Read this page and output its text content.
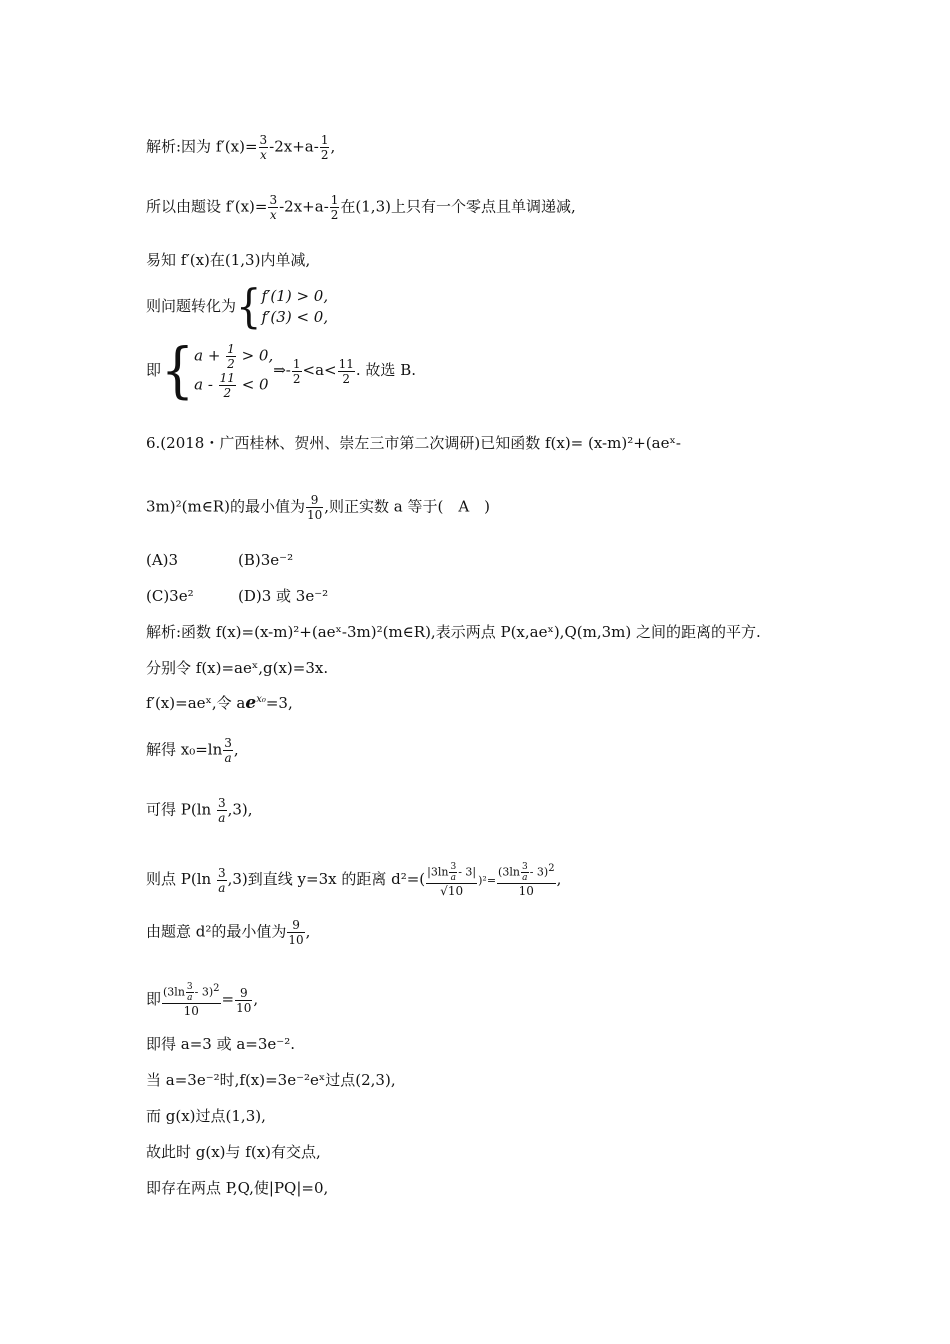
解析:因为 $f'(x)= \frac{3}{x} -2x+a- \frac{1}{2}$ ,
所以由题设 $f'(x)= \frac{3}{x} -2x+a- \frac{1}{2}$ 在(1,3)上只有一个零点且单调递减,
易知 f′(x)在(1,3)内单减,
则问题转化为{ f′(1) > 0,
f′(3) < 0,
即{ $a + \frac{1}{2} > 0$,
$a - \frac{11}{2} < 0$
⇒- $\frac{1}{2} <a< \frac{11}{2}$ . 故选 B.
6.(2018・广西桂林、贺州、崇左三市第二次调研)已知函数 f(x)= (x-m)²+(aeˣ-
3m)²(m∈R)的最小值为 $\frac{9}{10}$ ,则正实数 a 等于(　A　)
(A)3	(B)3e⁻²
(C)3e²	(D)3 或 3e⁻²
解析:函数 f(x)=(x-m)²+(aeˣ-3m)²(m∈R),表示两点 P(x,aeˣ),Q(m,3m) 之间的距离的平方.
分别令 f(x)=aeˣ,g(x)=3x.
f′(x)=aeˣ,令 $ae^{x_0}=3$,
解得 $x_0=\ln \frac{3}{a}$ ,
可得 $P(\ln \frac{3}{a} ,3)$,
则点 $P(\ln \frac{3}{a} ,3)$到直线 y=3x 的距离 $d^2=( \frac{|3\ln \frac{3}{a} - 3|}{√10} )^2= \frac{(3\ln \frac{3}{a} - 3)2}{10}$ ,
由题意 d²的最小值为 $\frac{9}{10}$ ,
即 $\frac{(3\ln \frac{3}{a} - 3)2}{10} = \frac{9}{10}$ ,
即得 a=3 或 a=3e⁻².
当 a=3e⁻²时,f(x)=3e⁻²eˣ过点(2,3),
而 g(x)过点(1,3),
故此时 g(x)与 f(x)有交点,
即存在两点 P,Q,使|PQ|=0,
